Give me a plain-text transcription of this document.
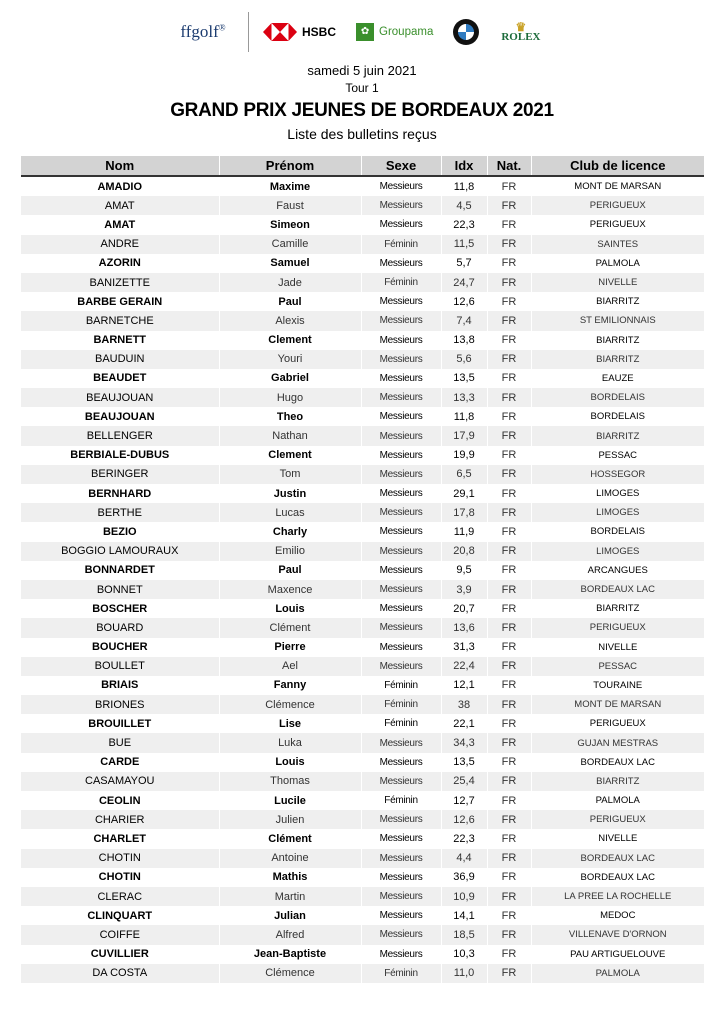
ffgolf®	HSBC	✿ Groupama	♛
ROLEX
samedi 5 juin 2021
Tour 1
GRAND PRIX JEUNES DE BORDEAUX 2021
Liste des bulletins reçus
Nom	Prénom	Sexe	Idx	Nat.	Club de licence
AMADIO	Maxime	Messieurs	11,8	FR	MONT DE MARSAN
AMAT	Faust	Messieurs	4,5	FR	PERIGUEUX
AMAT	Simeon	Messieurs	22,3	FR	PERIGUEUX
ANDRE	Camille	Féminin	11,5	FR	SAINTES
AZORIN	Samuel	Messieurs	5,7	FR	PALMOLA
BANIZETTE	Jade	Féminin	24,7	FR	NIVELLE
BARBE GERAIN	Paul	Messieurs	12,6	FR	BIARRITZ
BARNETCHE	Alexis	Messieurs	7,4	FR	ST EMILIONNAIS
BARNETT	Clement	Messieurs	13,8	FR	BIARRITZ
BAUDUIN	Youri	Messieurs	5,6	FR	BIARRITZ
BEAUDET	Gabriel	Messieurs	13,5	FR	EAUZE
BEAUJOUAN	Hugo	Messieurs	13,3	FR	BORDELAIS
BEAUJOUAN	Theo	Messieurs	11,8	FR	BORDELAIS
BELLENGER	Nathan	Messieurs	17,9	FR	BIARRITZ
BERBIALE-DUBUS	Clement	Messieurs	19,9	FR	PESSAC
BERINGER	Tom	Messieurs	6,5	FR	HOSSEGOR
BERNHARD	Justin	Messieurs	29,1	FR	LIMOGES
BERTHE	Lucas	Messieurs	17,8	FR	LIMOGES
BEZIO	Charly	Messieurs	11,9	FR	BORDELAIS
BOGGIO LAMOURAUX	Emilio	Messieurs	20,8	FR	LIMOGES
BONNARDET	Paul	Messieurs	9,5	FR	ARCANGUES
BONNET	Maxence	Messieurs	3,9	FR	BORDEAUX LAC
BOSCHER	Louis	Messieurs	20,7	FR	BIARRITZ
BOUARD	Clément	Messieurs	13,6	FR	PERIGUEUX
BOUCHER	Pierre	Messieurs	31,3	FR	NIVELLE
BOULLET	Ael	Messieurs	22,4	FR	PESSAC
BRIAIS	Fanny	Féminin	12,1	FR	TOURAINE
BRIONES	Clémence	Féminin	38	FR	MONT DE MARSAN
BROUILLET	Lise	Féminin	22,1	FR	PERIGUEUX
BUE	Luka	Messieurs	34,3	FR	GUJAN MESTRAS
CARDE	Louis	Messieurs	13,5	FR	BORDEAUX LAC
CASAMAYOU	Thomas	Messieurs	25,4	FR	BIARRITZ
CEOLIN	Lucile	Féminin	12,7	FR	PALMOLA
CHARIER	Julien	Messieurs	12,6	FR	PERIGUEUX
CHARLET	Clément	Messieurs	22,3	FR	NIVELLE
CHOTIN	Antoine	Messieurs	4,4	FR	BORDEAUX LAC
CHOTIN	Mathis	Messieurs	36,9	FR	BORDEAUX LAC
CLERAC	Martin	Messieurs	10,9	FR	LA PREE LA ROCHELLE
CLINQUART	Julian	Messieurs	14,1	FR	MEDOC
COIFFE	Alfred	Messieurs	18,5	FR	VILLENAVE D'ORNON
CUVILLIER	Jean-Baptiste	Messieurs	10,3	FR	PAU ARTIGUELOUVE
DA COSTA	Clémence	Féminin	11,0	FR	PALMOLA
